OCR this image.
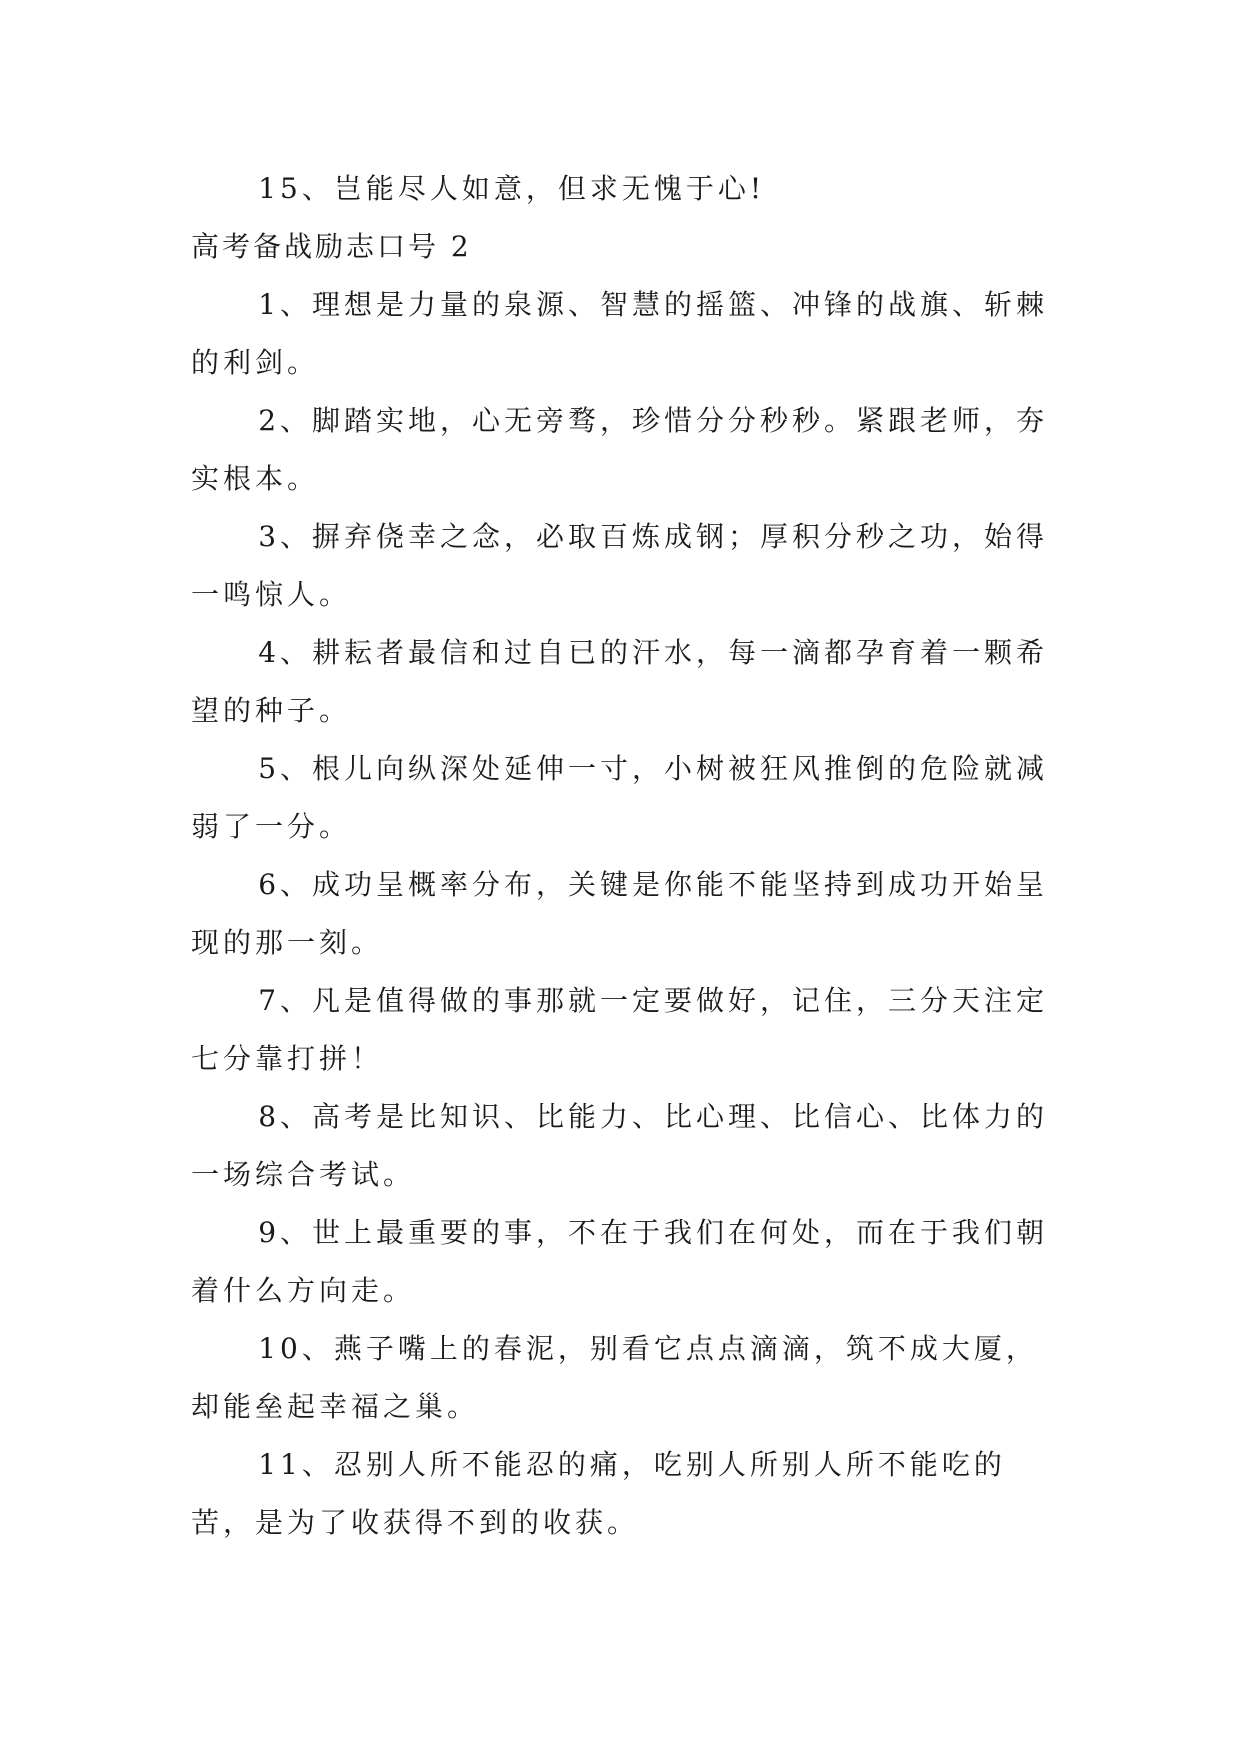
15、岂能尽人如意，但求无愧于心!

高考备战励志口号 2

1、理想是力量的泉源、智慧的摇篮、冲锋的战旗、斩棘的利剑。

2、脚踏实地，心无旁骛，珍惜分分秒秒。紧跟老师，夯实根本。

3、摒弃侥幸之念，必取百炼成钢；厚积分秒之功，始得一鸣惊人。

4、耕耘者最信和过自已的汗水，每一滴都孕育着一颗希望的种子。

5、根儿向纵深处延伸一寸，小树被狂风推倒的危险就减弱了一分。

6、成功呈概率分布，关键是你能不能坚持到成功开始呈现的那一刻。

7、凡是值得做的事那就一定要做好，记住，三分天注定七分靠打拼！

8、高考是比知识、比能力、比心理、比信心、比体力的一场综合考试。

9、世上最重要的事，不在于我们在何处，而在于我们朝着什么方向走。

10、燕子嘴上的春泥，别看它点点滴滴，筑不成大厦，却能垒起幸福之巢。

11、忍别人所不能忍的痛，吃别人所别人所不能吃的苦，是为了收获得不到的收获。
